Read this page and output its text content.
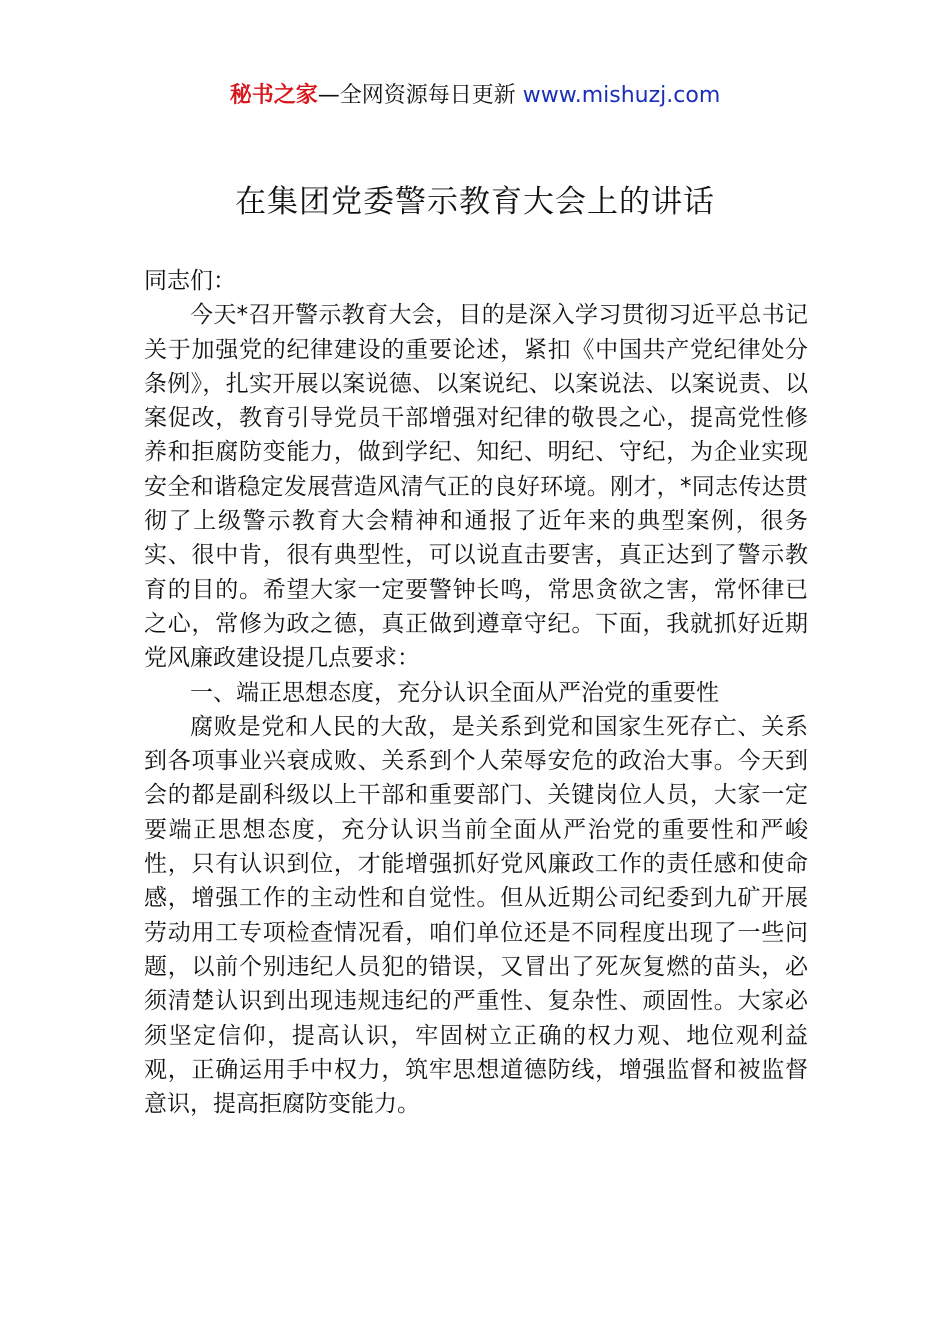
秘书之家—全网资源每日更新 www.mishuzj.com
在集团党委警示教育大会上的讲话

同志们：

今天*召开警示教育大会，目的是深入学习贯彻习近平总书记关于加强党的纪律建设的重要论述，紧扣《中国共产党纪律处分条例》，扎实开展以案说德、以案说纪、以案说法、以案说责、以案促改，教育引导党员干部增强对纪律的敬畏之心，提高党性修养和拒腐防变能力，做到学纪、知纪、明纪、守纪，为企业实现安全和谐稳定发展营造风清气正的良好环境。刚才，*同志传达贯彻了上级警示教育大会精神和通报了近年来的典型案例，很务实、很中肯，很有典型性，可以说直击要害，真正达到了警示教育的目的。希望大家一定要警钟长鸣，常思贪欲之害，常怀律已之心，常修为政之德，真正做到遵章守纪。下面，我就抓好近期党风廉政建设提几点要求：

一、端正思想态度，充分认识全面从严治党的重要性

腐败是党和人民的大敌，是关系到党和国家生死存亡、关系到各项事业兴衰成败、关系到个人荣辱安危的政治大事。今天到会的都是副科级以上干部和重要部门、关键岗位人员，大家一定要端正思想态度，充分认识当前全面从严治党的重要性和严峻性，只有认识到位，才能增强抓好党风廉政工作的责任感和使命感，增强工作的主动性和自觉性。但从近期公司纪委到九矿开展劳动用工专项检查情况看，咱们单位还是不同程度出现了一些问题，以前个别违纪人员犯的错误，又冒出了死灰复燃的苗头，必须清楚认识到出现违规违纪的严重性、复杂性、顽固性。大家必须坚定信仰，提高认识，牢固树立正确的权力观、地位观利益观，正确运用手中权力，筑牢思想道德防线，增强监督和被监督意识，提高拒腐防变能力。
